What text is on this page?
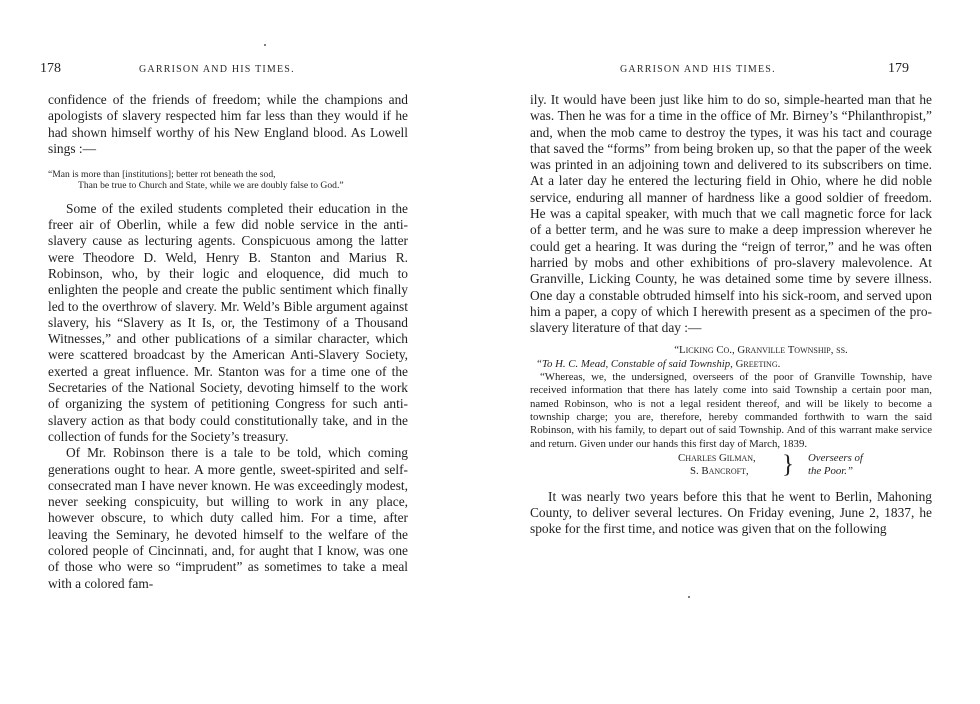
178	GARRISON AND HIS TIMES.

confidence of the friends of freedom; while the champions and apologists of slavery respected him far less than they would if he had shown himself worthy of his New England blood. As Lowell sings :—

“Man is more than [institutions]; better rot beneath the sod,
Than be true to Church and State, while we are doubly false to God.”

Some of the exiled students completed their education in the freer air of Oberlin, while a few did noble service in the anti-slavery cause as lecturing agents. Conspicuous among the latter were Theodore D. Weld, Henry B. Stanton and Marius R. Robinson, who, by their logic and eloquence, did much to enlighten the people and create the public sentiment which finally led to the overthrow of slavery. Mr. Weld’s Bible argument against slavery, his “Slavery as It Is, or, the Testimony of a Thousand Witnesses,” and other publications of a similar character, which were scattered broadcast by the American Anti-Slavery Society, exerted a great influence. Mr. Stanton was for a time one of the Secretaries of the National Society, devoting himself to the work of organizing the system of petitioning Congress for such anti-slavery action as that body could constitutionally take, and in the collection of funds for the Society’s treasury.

Of Mr. Robinson there is a tale to be told, which coming generations ought to hear. A more gentle, sweet-spirited and self-consecrated man I have never known. He was exceedingly modest, never seeking conspicuity, but willing to work in any place, however obscure, to which duty called him. For a time, after leaving the Seminary, he devoted himself to the welfare of the colored people of Cincinnati, and, for aught that I know, was one of those who were so “imprudent” as sometimes to take a meal with a colored fam-

GARRISON AND HIS TIMES.	179

ily. It would have been just like him to do so, simple-hearted man that he was. Then he was for a time in the office of Mr. Birney’s “Philanthropist,” and, when the mob came to destroy the types, it was his tact and courage that saved the “forms” from being broken up, so that the paper of the week was printed in an adjoining town and delivered to its subscribers on time. At a later day he entered the lecturing field in Ohio, where he did noble service, enduring all manner of hardness like a good soldier of freedom. He was a capital speaker, with much that we call magnetic force for lack of a better term, and he was sure to make a deep impression wherever he could get a hearing. It was during the “reign of terror,” and he was often harried by mobs and other exhibitions of pro-slavery malevolence. At Granville, Licking County, he was detained some time by severe illness. One day a constable obtruded himself into his sick-room, and served upon him a paper, a copy of which I herewith present as a specimen of the pro-slavery literature of that day :—

“Licking Co., Granville Township, ss.

“To H. C. Mead, Constable of said Township, Greeting.

“Whereas, we, the undersigned, overseers of the poor of Granville Township, have received information that there has lately come into said Township a certain poor man, named Robinson, who is not a legal resident thereof, and will be likely to become a township charge; you are, therefore, hereby commanded forthwith to warn the said Robinson, with his family, to depart out of said Township. And of this warrant make service and return. Given under our hands this first day of March, 1839.

Charles Gilman,
S. Bancroft, } Overseers of
the Poor.”

It was nearly two years before this that he went to Berlin, Mahoning County, to deliver several lectures. On Friday evening, June 2, 1837, he spoke for the first time, and notice was given that on the following
